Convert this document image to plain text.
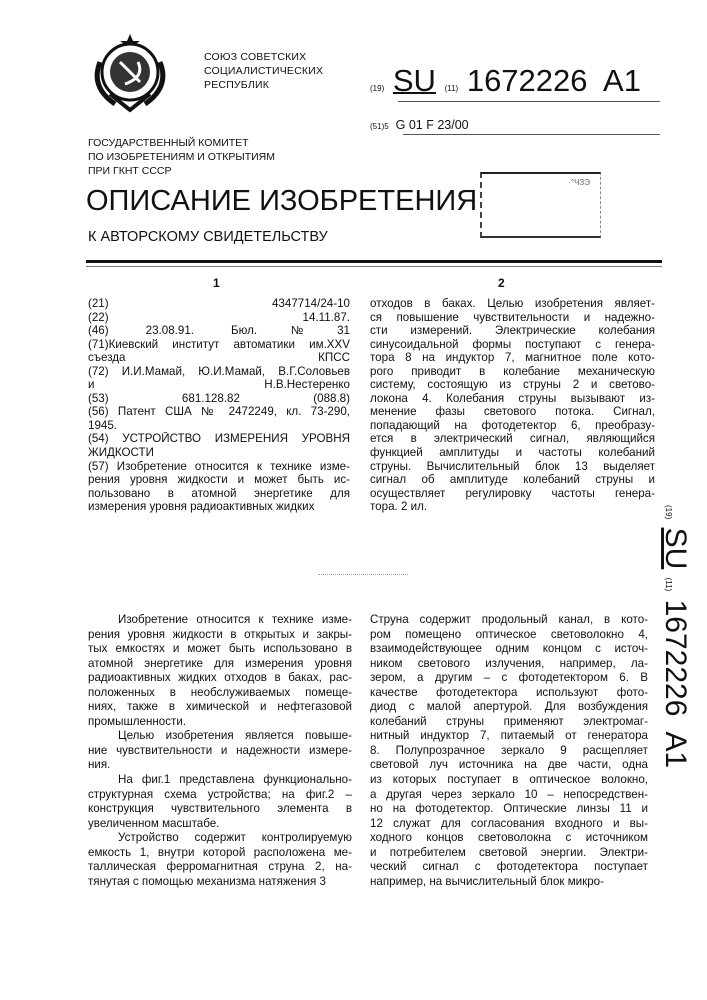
СОЮЗ СОВЕТСКИХ
СОЦИАЛИСТИЧЕСКИХ
РЕСПУБЛИК	(19) SU (11) 1672226 A1
(51)5 G 01 F 23/00
ГОСУДАРСТВЕННЫЙ КОМИТЕТ
ПО ИЗОБРЕТЕНИЯМ И ОТКРЫТИЯМ
ПРИ ГКНТ СССР
ОПИСАНИЕ ИЗОБРЕТЕНИЯ
К АВТОРСКОМУ СВИДЕТЕЛЬСТВУ
·°ЧЗЭ
1	2
(21) 4347714/24-10
(22) 14.11.87.
(46) 23.08.91. Бюл.№31
(71)Киевский институт автоматики им.XXV
съезда КПСС
(72) И.И.Мамай, Ю.И.Мамай, В.Г.Соловьев
и Н.В.Нестеренко
(53) 681.128.82 (088.8)
(56) Патент США № 2472249, кл. 73-290,
1945.
(54) УСТРОЙСТВО ИЗМЕРЕНИЯ УРОВНЯ
ЖИДКОСТИ
(57) Изобретение относится к технике изме-
рения уровня жидкости и может быть ис-
пользовано в атомной энергетике для
измерения уровня радиоактивных жидких
отходов в баках. Целью изобретения являет-
ся повышение чувствительности и надежно-
сти измерений. Электрические колебания
синусоидальной формы поступают с генера-
тора 8 на индуктор 7, магнитное поле кото-
рого приводит в колебание механическую
систему, состоящую из струны 2 и светово-
локона 4. Колебания струны вызывают из-
менение фазы светового потока. Сигнал,
попадающий на фотодетектор 6, преобразу-
ется в электрический сигнал, являющийся
функцией амплитуды и частоты колебаний
струны. Вычислительный блок 13 выделяет
сигнал об амплитуде колебаний струны и
осуществляет регулировку частоты генера-
тора. 2 ил.
Изобретение относится к технике изме-
рения уровня жидкости в открытых и закры-
тых емкостях и может быть использовано в
атомной энергетике для измерения уровня
радиоактивных жидких отходов в баках, рас-
положенных в необслуживаемых помеще-
ниях, также в химической и нефтегазовой
промышленности.
Целью изобретения является повыше-
ние чувствительности и надежности измере-
ния.
На фиг.1 представлена функционально-
структурная схема устройства; на фиг.2 –
конструкция чувствительного элемента в
увеличенном масштабе.
Устройство содержит контролируемую
емкость 1, внутри которой расположена ме-
таллическая ферромагнитная струна 2, на-
тянутая с помощью механизма натяжения 3
Струна содержит продольный канал, в кото-
ром помещено оптическое световолокно 4,
взаимодействующее одним концом с источ-
ником светового излучения, например, ла-
зером, а другим – с фотодетектором 6. В
качестве фотодетектора используют фото-
диод с малой апертурой. Для возбуждения
колебаний струны применяют электромаг-
нитный индуктор 7, питаемый от генератора
8. Полупрозрачное зеркало 9 расщепляет
световой луч источника на две части, одна
из которых поступает в оптическое волокно,
а другая через зеркало 10 – непосредствен-
но на фотодетектор. Оптические линзы 11 и
12 служат для согласования входного и вы-
ходного концов световолокна с источником
и потребителем световой энергии. Электри-
ческий сигнал с фотодетектора поступает
например, на вычислительный блок микро-
(19) SU (11) 1672226  A1
